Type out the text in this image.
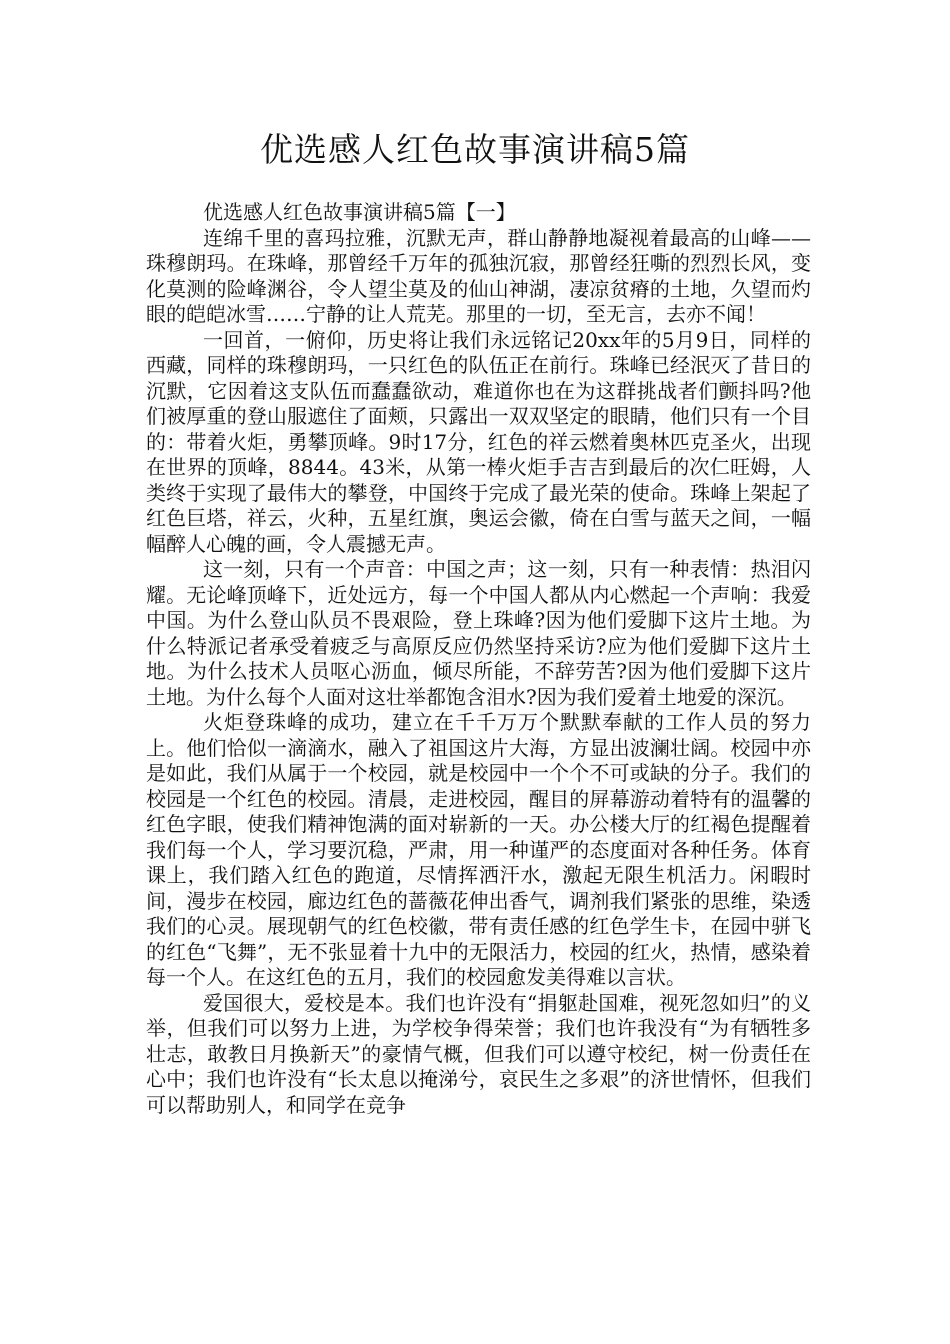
优选感人红色故事演讲稿5篇

优选感人红色故事演讲稿5篇【一】

连绵千里的喜玛拉雅，沉默无声，群山静静地凝视着最高的山峰——珠穆朗玛。在珠峰，那曾经千万年的孤独沉寂，那曾经狂嘶的烈烈长风，变化莫测的险峰渊谷，令人望尘莫及的仙山神湖，凄凉贫瘠的土地，久望而灼眼的皑皑冰雪……宁静的让人荒芜。那里的一切，至无言，去亦不闻！

一回首，一俯仰，历史将让我们永远铭记20xx年的5月9日，同样的西藏，同样的珠穆朗玛，一只红色的队伍正在前行。珠峰已经泯灭了昔日的沉默，它因着这支队伍而蠢蠢欲动，难道你也在为这群挑战者们颤抖吗?他们被厚重的登山服遮住了面颊，只露出一双双坚定的眼睛，他们只有一个目的：带着火炬，勇攀顶峰。9时17分，红色的祥云燃着奥林匹克圣火，出现在世界的顶峰，8844。43米，从第一棒火炬手吉吉到最后的次仁旺姆，人类终于实现了最伟大的攀登，中国终于完成了最光荣的使命。珠峰上架起了红色巨塔，祥云，火种，五星红旗，奥运会徽，倚在白雪与蓝天之间，一幅幅醉人心魄的画，令人震撼无声。

这一刻，只有一个声音：中国之声；这一刻，只有一种表情：热泪闪耀。无论峰顶峰下，近处远方，每一个中国人都从内心燃起一个声响：我爱中国。为什么登山队员不畏艰险，登上珠峰?因为他们爱脚下这片土地。为什么特派记者承受着疲乏与高原反应仍然坚持采访?应为他们爱脚下这片土地。为什么技术人员呕心沥血，倾尽所能，不辞劳苦?因为他们爱脚下这片土地。为什么每个人面对这壮举都饱含泪水?因为我们爱着土地爱的深沉。

火炬登珠峰的成功，建立在千千万万个默默奉献的工作人员的努力上。他们恰似一滴滴水，融入了祖国这片大海，方显出波澜壮阔。校园中亦是如此，我们从属于一个校园，就是校园中一个个不可或缺的分子。我们的校园是一个红色的校园。清晨，走进校园，醒目的屏幕游动着特有的温馨的红色字眼，使我们精神饱满的面对崭新的一天。办公楼大厅的红褐色提醒着我们每一个人，学习要沉稳，严肃，用一种谨严的态度面对各种任务。体育课上，我们踏入红色的跑道，尽情挥洒汗水，激起无限生机活力。闲暇时间，漫步在校园，廊边红色的蔷薇花伸出香气，调剂我们紧张的思维，染透我们的心灵。展现朝气的红色校徽，带有责任感的红色学生卡，在园中骈飞的红色“飞舞”，无不张显着十九中的无限活力，校园的红火，热情，感染着每一个人。在这红色的五月，我们的校园愈发美得难以言状。

爱国很大，爱校是本。我们也许没有“捐躯赴国难，视死忽如归”的义举，但我们可以努力上进，为学校争得荣誉；我们也许我没有“为有牺牲多壮志，敢教日月换新天”的豪情气概，但我们可以遵守校纪，树一份责任在心中；我们也许没有“长太息以掩涕兮，哀民生之多艰”的济世情怀，但我们可以帮助别人，和同学在竞争
